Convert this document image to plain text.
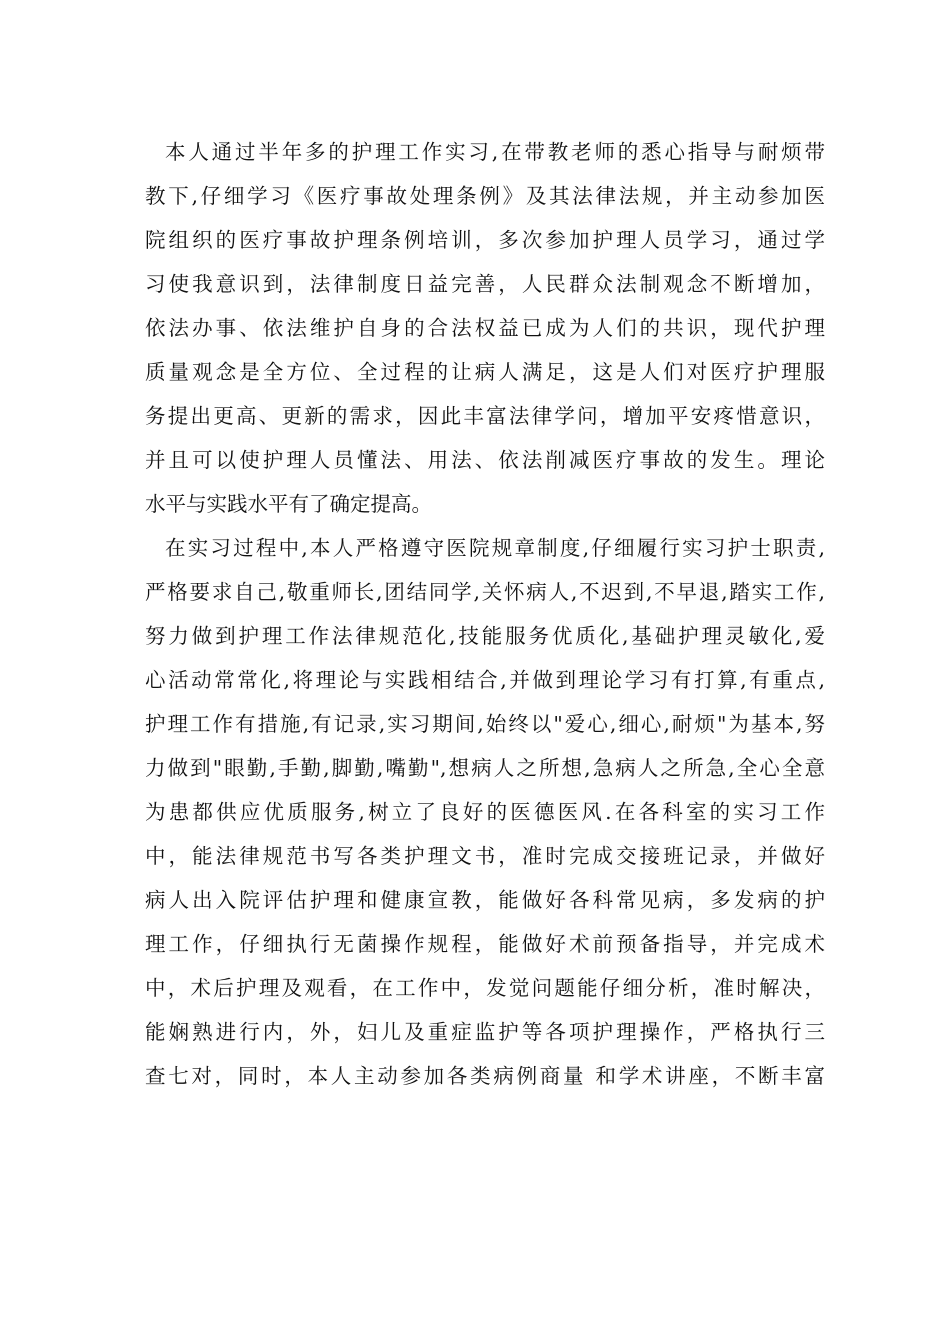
本人通过半年多的护理工作实习,在带教老师的悉心指导与耐烦带
教下,仔细学习《医疗事故处理条例》及其法律法规，并主动参加医
院组织的医疗事故护理条例培训，多次参加护理人员学习，通过学
习使我意识到，法律制度日益完善，人民群众法制观念不断增加，
依法办事、依法维护自身的合法权益已成为人们的共识，现代护理
质量观念是全方位、全过程的让病人满足，这是人们对医疗护理服
务提出更高、更新的需求，因此丰富法律学问，增加平安疼惜意识，
并且可以使护理人员懂法、用法、依法削减医疗事故的发生。理论
水平与实践水平有了确定提高。
在实习过程中,本人严格遵守医院规章制度,仔细履行实习护士职责,
严格要求自己,敬重师长,团结同学,关怀病人,不迟到,不早退,踏实工作,
努力做到护理工作法律规范化,技能服务优质化,基础护理灵敏化,爱
心活动常常化,将理论与实践相结合,并做到理论学习有打算,有重点,
护理工作有措施,有记录,实习期间,始终以"爱心,细心,耐烦"为基本,努
力做到"眼勤,手勤,脚勤,嘴勤",想病人之所想,急病人之所急,全心全意
为患都供应优质服务,树立了良好的医德医风.在各科室的实习工作
中，能法律规范书写各类护理文书，准时完成交接班记录，并做好
病人出入院评估护理和健康宣教，能做好各科常见病，多发病的护
理工作，仔细执行无菌操作规程，能做好术前预备指导，并完成术
中，术后护理及观看，在工作中，发觉问题能仔细分析，准时解决，
能娴熟进行内，外，妇儿及重症监护等各项护理操作，严格执行三
查七对，同时，本人主动参加各类病例商量 和学术讲座，不断丰富
